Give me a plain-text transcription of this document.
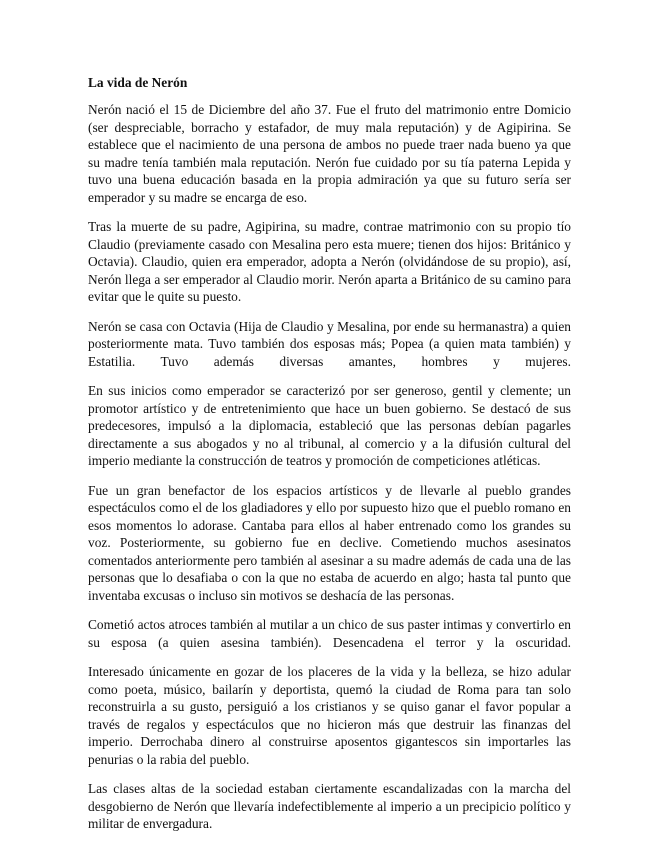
La vida de Nerón

Nerón nació el 15 de Diciembre del año 37. Fue el fruto del matrimonio entre Domicio (ser despreciable, borracho y estafador, de muy mala reputación) y de Agipirina. Se establece que el nacimiento de una persona de ambos no puede traer nada bueno ya que su madre tenía también mala reputación. Nerón fue cuidado por su tía paterna Lepida y tuvo una buena educación basada en la propia admiración ya que su futuro sería ser emperador y su madre se encarga de eso.

Tras la muerte de su padre, Agipirina, su madre, contrae matrimonio con su propio tío Claudio (previamente casado con Mesalina pero esta muere; tienen dos hijos: Británico y Octavia). Claudio, quien era emperador, adopta a Nerón (olvidándose de su propio), así, Nerón llega a ser emperador al Claudio morir. Nerón aparta a Británico de su camino para evitar que le quite su puesto.

Nerón se casa con Octavia (Hija de Claudio y Mesalina, por ende su hermanastra) a quien posteriormente mata. Tuvo también dos esposas más; Popea (a quien mata también) y Estatilia. Tuvo además diversas amantes, hombres y mujeres.

En sus inicios como emperador se caracterizó por ser generoso, gentil y clemente; un promotor artístico y de entretenimiento que hace un buen gobierno. Se destacó de sus predecesores, impulsó a la diplomacia, estableció que las personas debían pagarles directamente a sus abogados y no al tribunal, al comercio y a la difusión cultural del imperio mediante la construcción de teatros y promoción de competiciones atléticas.

Fue un gran benefactor de los espacios artísticos y de llevarle al pueblo grandes espectáculos como el de los gladiadores y ello por supuesto hizo que el pueblo romano en esos momentos lo adorase. Cantaba para ellos al haber entrenado como los grandes su voz. Posteriormente, su gobierno fue en declive. Cometiendo muchos asesinatos comentados anteriormente pero también al asesinar a su madre además de cada una de las personas que lo desafiaba o con la que no estaba de acuerdo en algo; hasta tal punto que inventaba excusas o incluso sin motivos se deshacía de las personas.

Cometió actos atroces también al mutilar a un chico de sus paster intimas y convertirlo en su esposa (a quien asesina también). Desencadena el terror y la oscuridad.

Interesado únicamente en gozar de los placeres de la vida y la belleza, se hizo adular como poeta, músico, bailarín y deportista, quemó la ciudad de Roma para tan solo reconstruirla a su gusto, persiguió a los cristianos y se quiso ganar el favor popular a través de regalos y espectáculos que no hicieron más que destruir las finanzas del imperio. Derrochaba dinero al construirse aposentos gigantescos sin importarles las penurias o la rabia del pueblo.

Las clases altas de la sociedad estaban ciertamente escandalizadas con la marcha del desgobierno de Nerón que llevaría indefectiblemente al imperio a un precipicio político y militar de envergadura.
